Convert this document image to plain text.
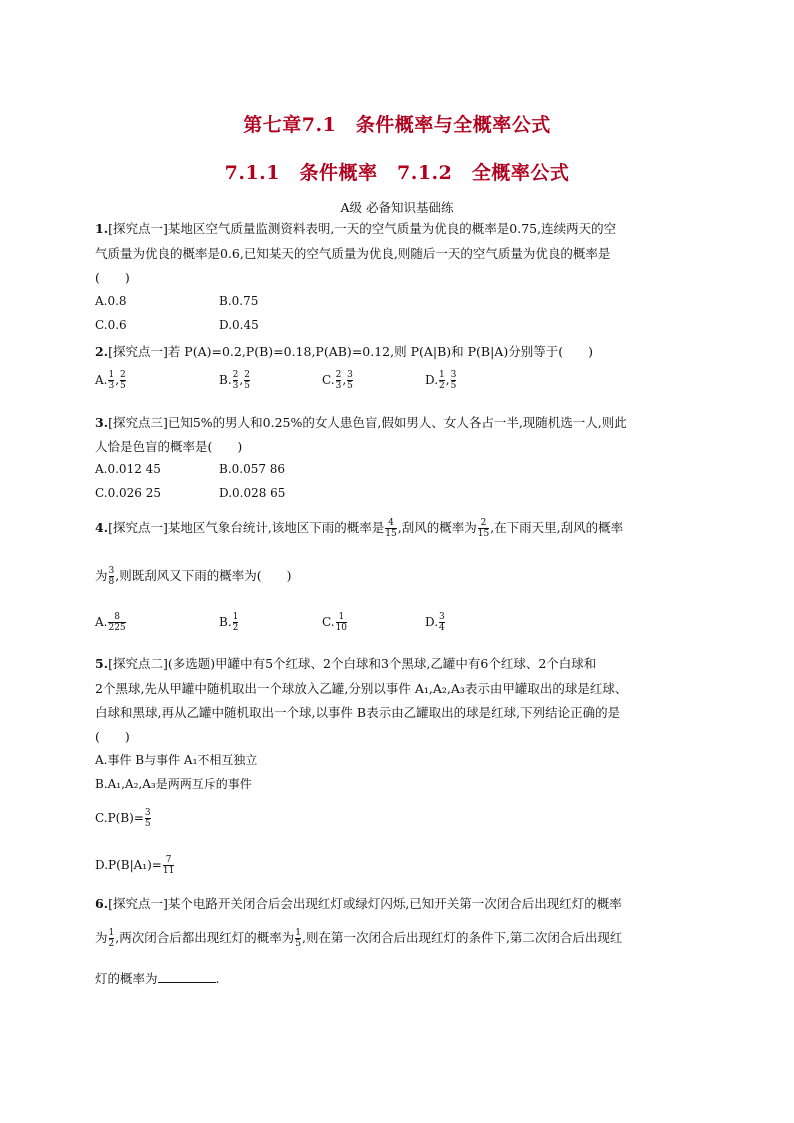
第七章7.1　条件概率与全概率公式
7.1.1　条件概率　7.1.2　全概率公式
A级 必备知识基础练
1.[探究点一]某地区空气质量监测资料表明,一天的空气质量为优良的概率是0.75,连续两天的空
气质量为优良的概率是0.6,已知某天的空气质量为优良,则随后一天的空气质量为优良的概率是
(　　)
A.0.8	B.0.75
C.0.6	D.0.45
2.[探究点一]若 P(A)=0.2,P(B)=0.18,P(AB)=0.12,则 P(A|B)和 P(B|A)分别等于(　　)
A. $\frac{1}{3}$ , $\frac{2}{5}$	B. $\frac{2}{3}$ , $\frac{2}{5}$	C. $\frac{2}{3}$ , $\frac{3}{5}$	D. $\frac{1}{2}$ , $\frac{3}{5}$
3.[探究点三]已知5%的男人和0.25%的女人患色盲,假如男人、女人各占一半,现随机选一人,则此
人恰是色盲的概率是(　　)
A.0.012 45	B.0.057 86
C.0.026 25	D.0.028 65
4.[探究点一]某地区气象台统计,该地区下雨的概率是 $\frac{4}{15}$ ,刮风的概率为 $\frac{2}{15}$ ,在下雨天里,刮风的概率
为 $\frac{3}{8}$ ,则既刮风又下雨的概率为(　　)
A. $\frac{8}{225}$	B. $\frac{1}{2}$	C. $\frac{1}{10}$	D. $\frac{3}{4}$
5.[探究点二](多选题)甲罐中有5个红球、2个白球和3个黑球,乙罐中有6个红球、2个白球和
2个黑球,先从甲罐中随机取出一个球放入乙罐,分别以事件 A₁,A₂,A₃表示由甲罐取出的球是红球、
白球和黑球,再从乙罐中随机取出一个球,以事件 B表示由乙罐取出的球是红球,下列结论正确的是
(　　)
A.事件 B与事件 A₁不相互独立
B.A₁,A₂,A₃是两两互斥的事件
$C.P(B)= \frac{3}{5}$
$D.P(B|A_1)= \frac{7}{11}$
6.[探究点一]某个电路开关闭合后会出现红灯或绿灯闪烁,已知开关第一次闭合后出现红灯的概率
为 $\frac{1}{2}$ ,两次闭合后都出现红灯的概率为 $\frac{1}{5}$ ,则在第一次闭合后出现红灯的条件下,第二次闭合后出现红
灯的概率为	.
